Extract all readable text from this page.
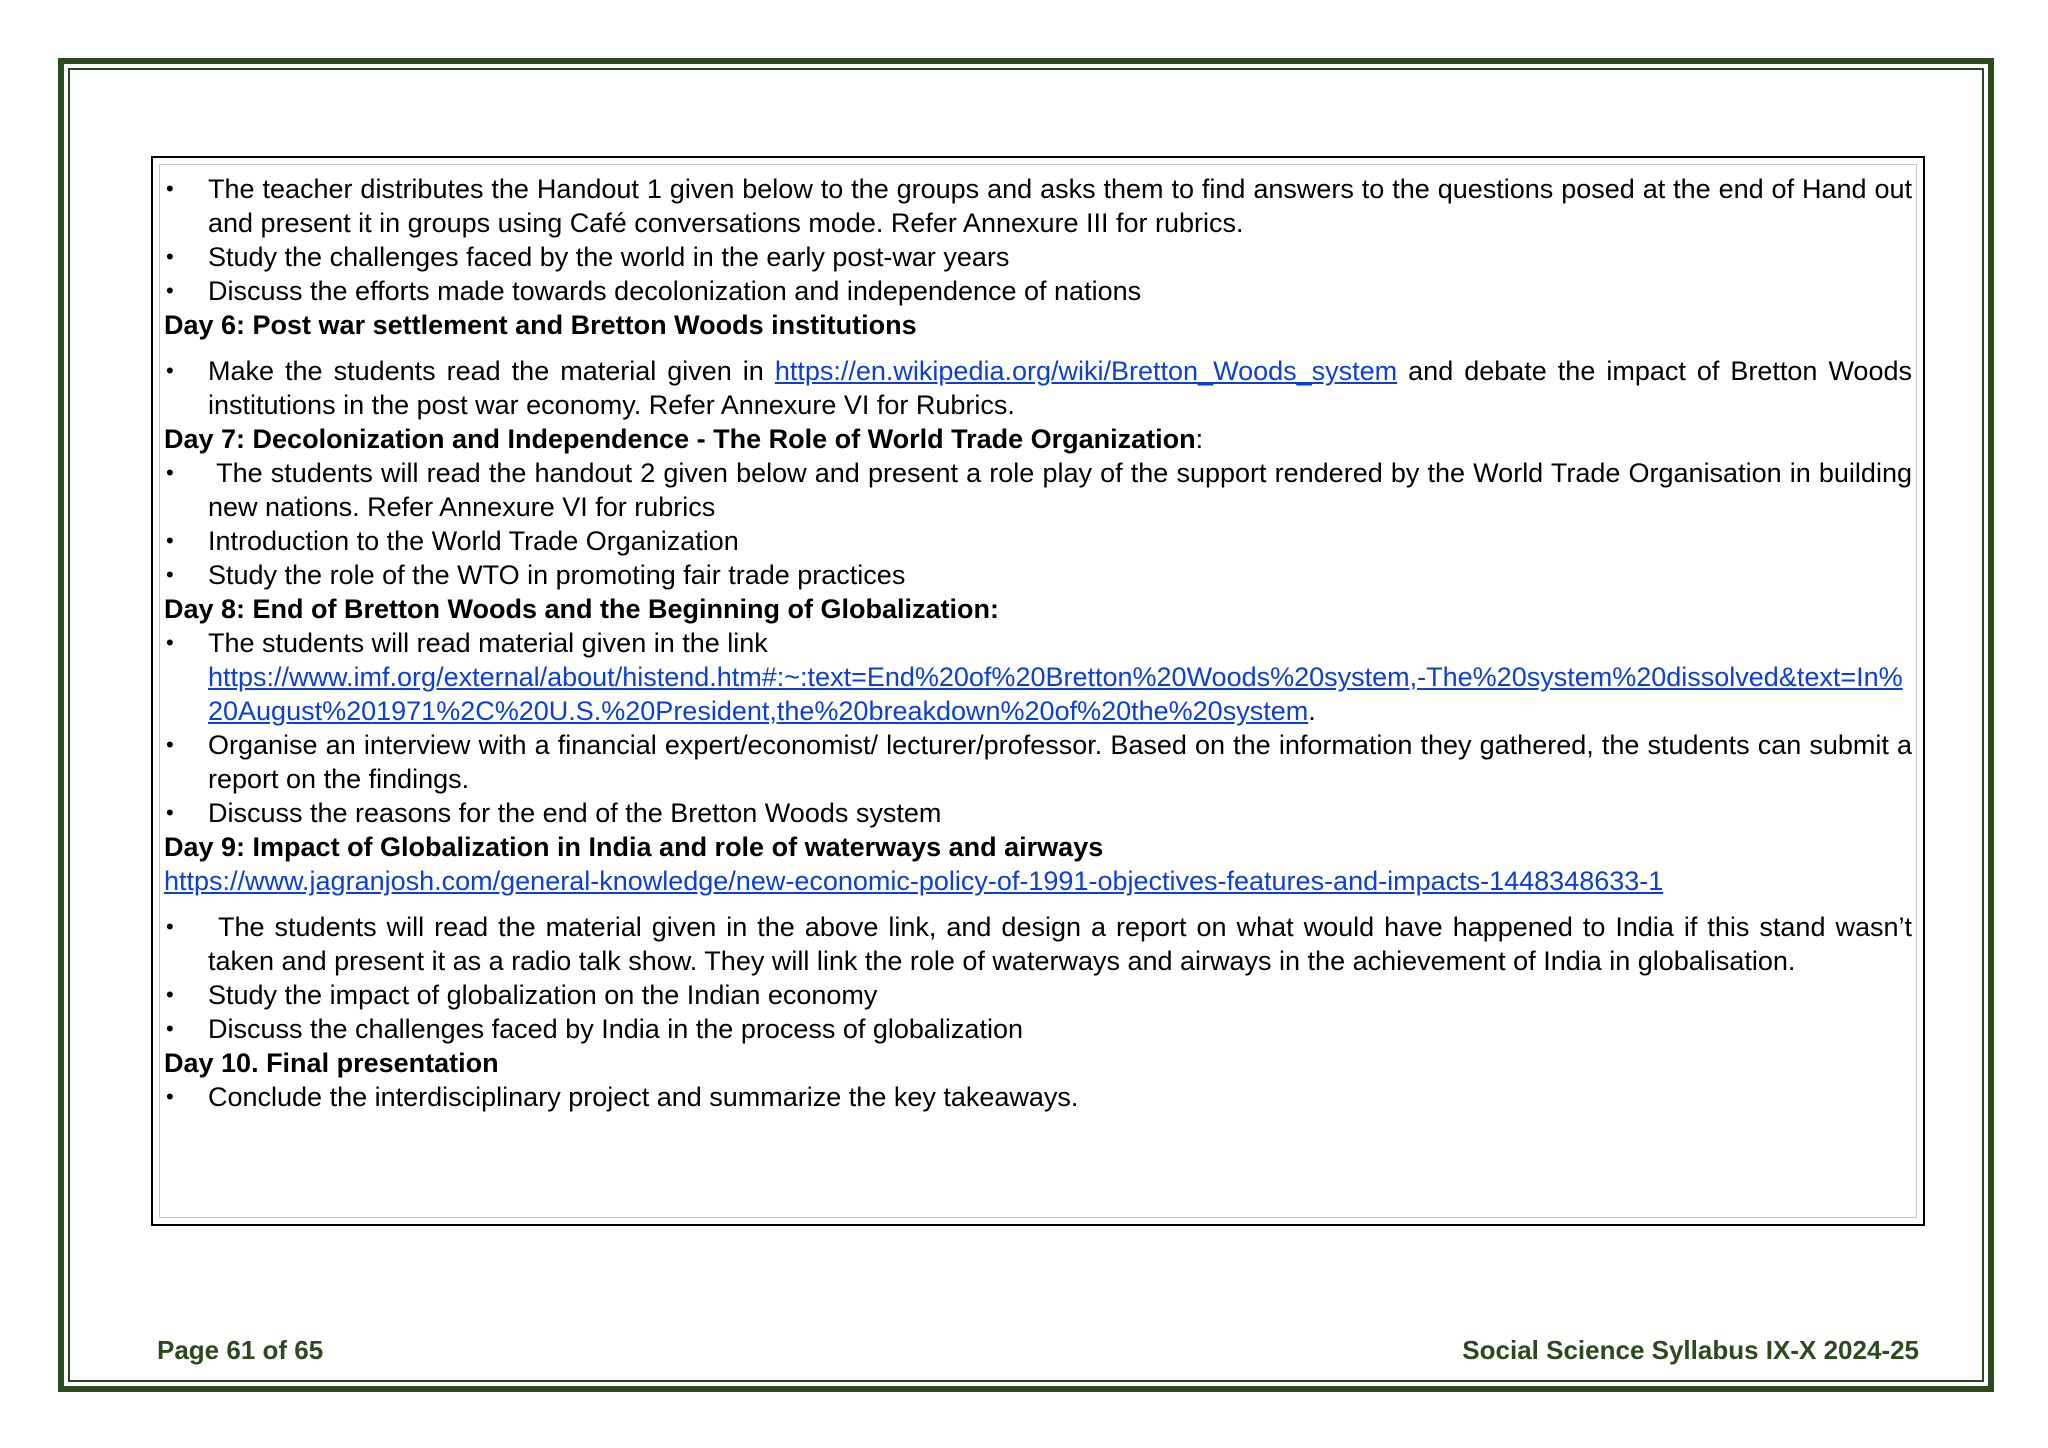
• The teacher distributes the Handout 1 given below to the groups and asks them to find answers to the questions posed at the end of Hand out and present it in groups using Café conversations mode. Refer Annexure III for rubrics.

• Study the challenges faced by the world in the early post-war years

• Discuss the efforts made towards decolonization and independence of nations

Day 6: Post war settlement and Bretton Woods institutions

• Make the students read the material given in https://en.wikipedia.org/wiki/Bretton_Woods_system and debate the impact of Bretton Woods institutions in the post war economy. Refer Annexure VI for Rubrics.

Day 7: Decolonization and Independence - The Role of World Trade Organization:

• The students will read the handout 2 given below and present a role play of the support rendered by the World Trade Organisation in building new nations. Refer Annexure VI for rubrics

• Introduction to the World Trade Organization

• Study the role of the WTO in promoting fair trade practices

Day 8: End of Bretton Woods and the Beginning of Globalization:

• The students will read material given in the link
https://www.imf.org/external/about/histend.htm#:~:text=End%20of%20Bretton%20Woods%20system,-The%20system%20dissolved&text=In%20August%201971%2C%20U.S.%20President,the%20breakdown%20of%20the%20system.

• Organise an interview with a financial expert/economist/ lecturer/professor. Based on the information they gathered, the students can submit a report on the findings.

• Discuss the reasons for the end of the Bretton Woods system

Day 9: Impact of Globalization in India and role of waterways and airways

https://www.jagranjosh.com/general-knowledge/new-economic-policy-of-1991-objectives-features-and-impacts-1448348633-1

• The students will read the material given in the above link, and design a report on what would have happened to India if this stand wasn’t taken and present it as a radio talk show. They will link the role of waterways and airways in the achievement of India in globalisation.

• Study the impact of globalization on the Indian economy

• Discuss the challenges faced by India in the process of globalization

Day 10. Final presentation

• Conclude the interdisciplinary project and summarize the key takeaways.

Page 61 of 65	Social Science Syllabus IX-X 2024-25
